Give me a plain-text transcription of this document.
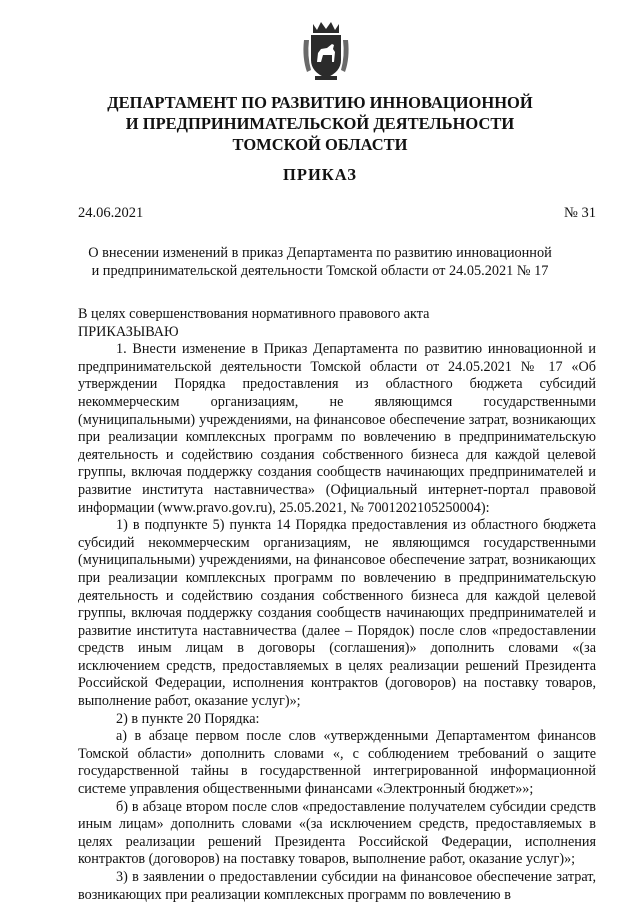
ДЕПАРТАМЕНТ ПО РАЗВИТИЮ ИННОВАЦИОННОЙ
И ПРЕДПРИНИМАТЕЛЬСКОЙ ДЕЯТЕЛЬНОСТИ
ТОМСКОЙ ОБЛАСТИ
ПРИКАЗ
24.06.2021	№ 31
О внесении изменений в приказ Департамента по развитию инновационной
и предпринимательской деятельности Томской области от 24.05.2021 № 17

В целях совершенствования нормативного правового акта

ПРИКАЗЫВАЮ

1. Внести изменение в Приказ Департамента по развитию инновационной и предпринимательской деятельности Томской области от 24.05.2021 № 17 «Об утверждении Порядка предоставления из областного бюджета субсидий некоммерческим организациям, не являющимся государственными (муниципальными) учреждениями, на финансовое обеспечение затрат, возникающих при реализации комплексных программ по вовлечению в предпринимательскую деятельность и содействию создания собственного бизнеса для каждой целевой группы, включая поддержку создания сообществ начинающих предпринимателей и развитие института наставничества» (Официальный интернет-портал правовой информации (www.pravo.gov.ru), 25.05.2021, № 7001202105250004):

1) в подпункте 5) пункта 14 Порядка предоставления из областного бюджета субсидий некоммерческим организациям, не являющимся государственными (муниципальными) учреждениями, на финансовое обеспечение затрат, возникающих при реализации комплексных программ по вовлечению в предпринимательскую деятельность и содействию создания собственного бизнеса для каждой целевой группы, включая поддержку создания сообществ начинающих предпринимателей и развитие института наставничества (далее – Порядок) после слов «предоставлении средств иным лицам в договоры (соглашения)» дополнить словами «(за исключением средств, предоставляемых в целях реализации решений Президента Российской Федерации, исполнения контрактов (договоров) на поставку товаров, выполнение работ, оказание услуг)»;

2) в пункте 20 Порядка:

а) в абзаце первом после слов «утвержденными Департаментом финансов Томской области» дополнить словами «, с соблюдением требований о защите государственной тайны в государственной интегрированной информационной системе управления общественными финансами «Электронный бюджет»»;

б) в абзаце втором после слов «предоставление получателем субсидии средств иным лицам» дополнить словами «(за исключением средств, предоставляемых в целях реализации решений Президента Российской Федерации, исполнения контрактов (договоров) на поставку товаров, выполнение работ, оказание услуг)»;

3) в заявлении о предоставлении субсидии на финансовое обеспечение затрат, возникающих при реализации комплексных программ по вовлечению в
